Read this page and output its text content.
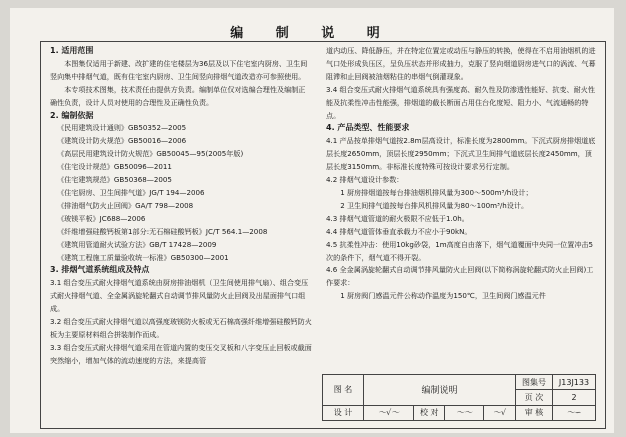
编 制 说 明
1. 适用范围
本图集仅适用于新建、改扩建的住宅楼层为36层及以下住宅室内厨房、卫生间竖向集中排烟气道，既有住宅室内厨房、卫生间竖向排烟气道改造亦可参照使用。
本专项技术图集，技术责任由提供方负责。编制单位仅对选编合理性及编制正确性负责，设计人员对使用的合理性及正确性负责。
2. 编制依据
《民用建筑设计通则》GB50352—2005
《建筑设计防火规范》GB50016—2006
《高层民用建筑设计防火规范》GB50045—95(2005年版)
《住宅设计规范》GB50096—2011
《住宅建筑规范》GB50368—2005
《住宅厨房、卫生间排气道》JG/T 194—2006
《排油烟气防火止回阀》GA/T 798—2008
《玻镁平板》JC688—2006
《纤维增强硅酸钙板第1部分:无石棉硅酸钙板》JC/T 564.1—2008
《建筑用管道耐火试验方法》GB/T 17428—2009
《建筑工程施工质量验收统一标准》GB50300—2001
3. 排烟气道系统组成及特点
3.1 组合变压式耐火排烟气道系统由厨房排油烟机（卫生间使用排气扇）、组合变压式耐火排烟气道、全金属涡旋轮翻式自动调节排风量防火止回阀及出屋面排气口组成。
3.2 组合变压式耐火排烟气道以高强度玻镁防火板或无石棉高强纤维增强硅酸钙防火板为主要原材料组合拼装制作而成。
3.3 组合变压式耐火排烟气道采用在管道内置的变压交叉板和八字变压止回板或截面突然缩小，增加气体的流动速度的方法，来提高管
道内动压、降低静压，并在特定位置定或动压与静压的转换，使得在不启用油烟机的进气口处形成负压区，呈负压状态并形成抽力，克服了竖向烟道厨房进气口的涡流、气幕阻滞和止回阀被油烟粘住的串烟气倒灌现象。
3.4 组合变压式耐火排烟气道系统具有强度高、耐久性及防渗透性能好、抗变、耐火性能及抗柔性冲击性能强，排烟道的截长断面占用住台化度短、阻力小、气流通畅的特点。
4. 产品类型、性能要求
4.1 产品按单排烟气道按2.8m层高设计，标准长度为2800mm。下沉式厨房排烟道底层长度2650mm，顶层长度2950mm；下沉式卫生间排气道底层长度2450mm，顶层长度3150mm。非标准长度特殊可按设计要求另行定制。
4.2 排烟气道设计参数：
1 厨房排烟道按每台排油烟机排风量为300～500m³/h设计；
2 卫生间排气道按每台排风机排风量为80～100m³/h设计。
4.3 排烟气道管道的耐火极限不应低于1.0h。
4.4 排烟气道管体垂直承载力不应小于90kN。
4.5 抗柔性冲击：使用10kg砂袋，1m高度自由落下，烟气道覆面中央同一位置冲击5次的条件下，烟气道不得开裂。
4.6 全金属涡旋轮翻式自动调节排风量防火止回阀(以下简称涡旋轮翻式防火止回阀)工作要求：
1 厨房阀门感温元件公称动作温度为150℃，卫生间阀门感温元件
图 名	编制说明				图集号	J13J133
					页 次	2
设 计	〜√〜	校 对	〜〜	〜√	审 核	〜∽
